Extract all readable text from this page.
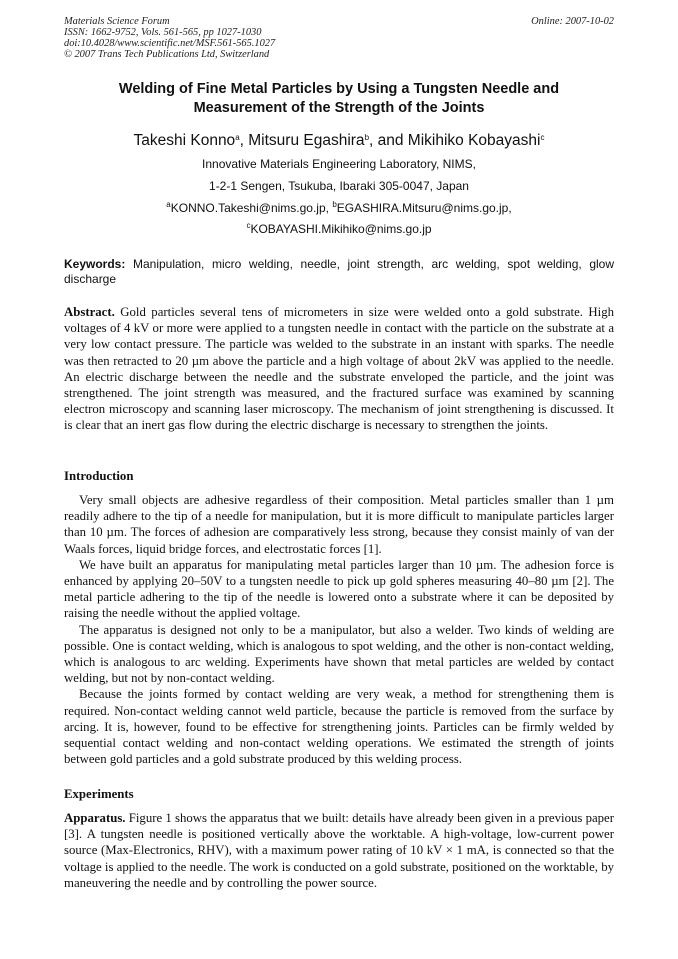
Materials Science Forum
ISSN: 1662-9752, Vols. 561-565, pp 1027-1030
doi:10.4028/www.scientific.net/MSF.561-565.1027
© 2007 Trans Tech Publications Ltd, Switzerland
Online: 2007-10-02
Welding of Fine Metal Particles by Using a Tungsten Needle and
Measurement of the Strength of the Joints
Takeshi Konno$^a$, Mitsuru Egashira$^b$, and Mikihiko Kobayashi$^c$
Innovative Materials Engineering Laboratory, NIMS,
1-2-1 Sengen, Tsukuba, Ibaraki 305-0047, Japan
$^a$KONNO.Takeshi@nims.go.jp, $^b$EGASHIRA.Mitsuru@nims.go.jp,
$^c$KOBAYASHI.Mikihiko@nims.go.jp
Keywords: Manipulation, micro welding, needle, joint strength, arc welding, spot welding, glow discharge

Abstract. Gold particles several tens of micrometers in size were welded onto a gold substrate. High voltages of 4 kV or more were applied to a tungsten needle in contact with the particle on the substrate at a very low contact pressure. The particle was welded to the substrate in an instant with sparks. The needle was then retracted to 20 µm above the particle and a high voltage of about 2kV was applied to the needle. An electric discharge between the needle and the substrate enveloped the particle, and the joint was strengthened. The joint strength was measured, and the fractured surface was examined by scanning electron microscopy and scanning laser microscopy. The mechanism of joint strengthening is discussed. It is clear that an inert gas flow during the electric discharge is necessary to strengthen the joints.

Introduction

Very small objects are adhesive regardless of their composition. Metal particles smaller than 1 µm readily adhere to the tip of a needle for manipulation, but it is more difficult to manipulate particles larger than 10 µm. The forces of adhesion are comparatively less strong, because they consist mainly of van der Waals forces, liquid bridge forces, and electrostatic forces [1].

We have built an apparatus for manipulating metal particles larger than 10 µm. The adhesion force is enhanced by applying 20–50V to a tungsten needle to pick up gold spheres measuring 40–80 µm [2]. The metal particle adhering to the tip of the needle is lowered onto a substrate where it can be deposited by raising the needle without the applied voltage.

The apparatus is designed not only to be a manipulator, but also a welder. Two kinds of welding are possible. One is contact welding, which is analogous to spot welding, and the other is non-contact welding, which is analogous to arc welding. Experiments have shown that metal particles are welded by contact welding, but not by non-contact welding.

Because the joints formed by contact welding are very weak, a method for strengthening them is required. Non-contact welding cannot weld particle, because the particle is removed from the surface by arcing. It is, however, found to be effective for strengthening joints. Particles can be firmly welded by sequential contact welding and non-contact welding operations. We estimated the strength of joints between gold particles and a gold substrate produced by this welding process.

Experiments

Apparatus. Figure 1 shows the apparatus that we built: details have already been given in a previous paper [3]. A tungsten needle is positioned vertically above the worktable. A high-voltage, low-current power source (Max-Electronics, RHV), with a maximum power rating of 10 kV × 1 mA, is connected so that the voltage is applied to the needle. The work is conducted on a gold substrate, positioned on the worktable, by maneuvering the needle and by controlling the power source.
